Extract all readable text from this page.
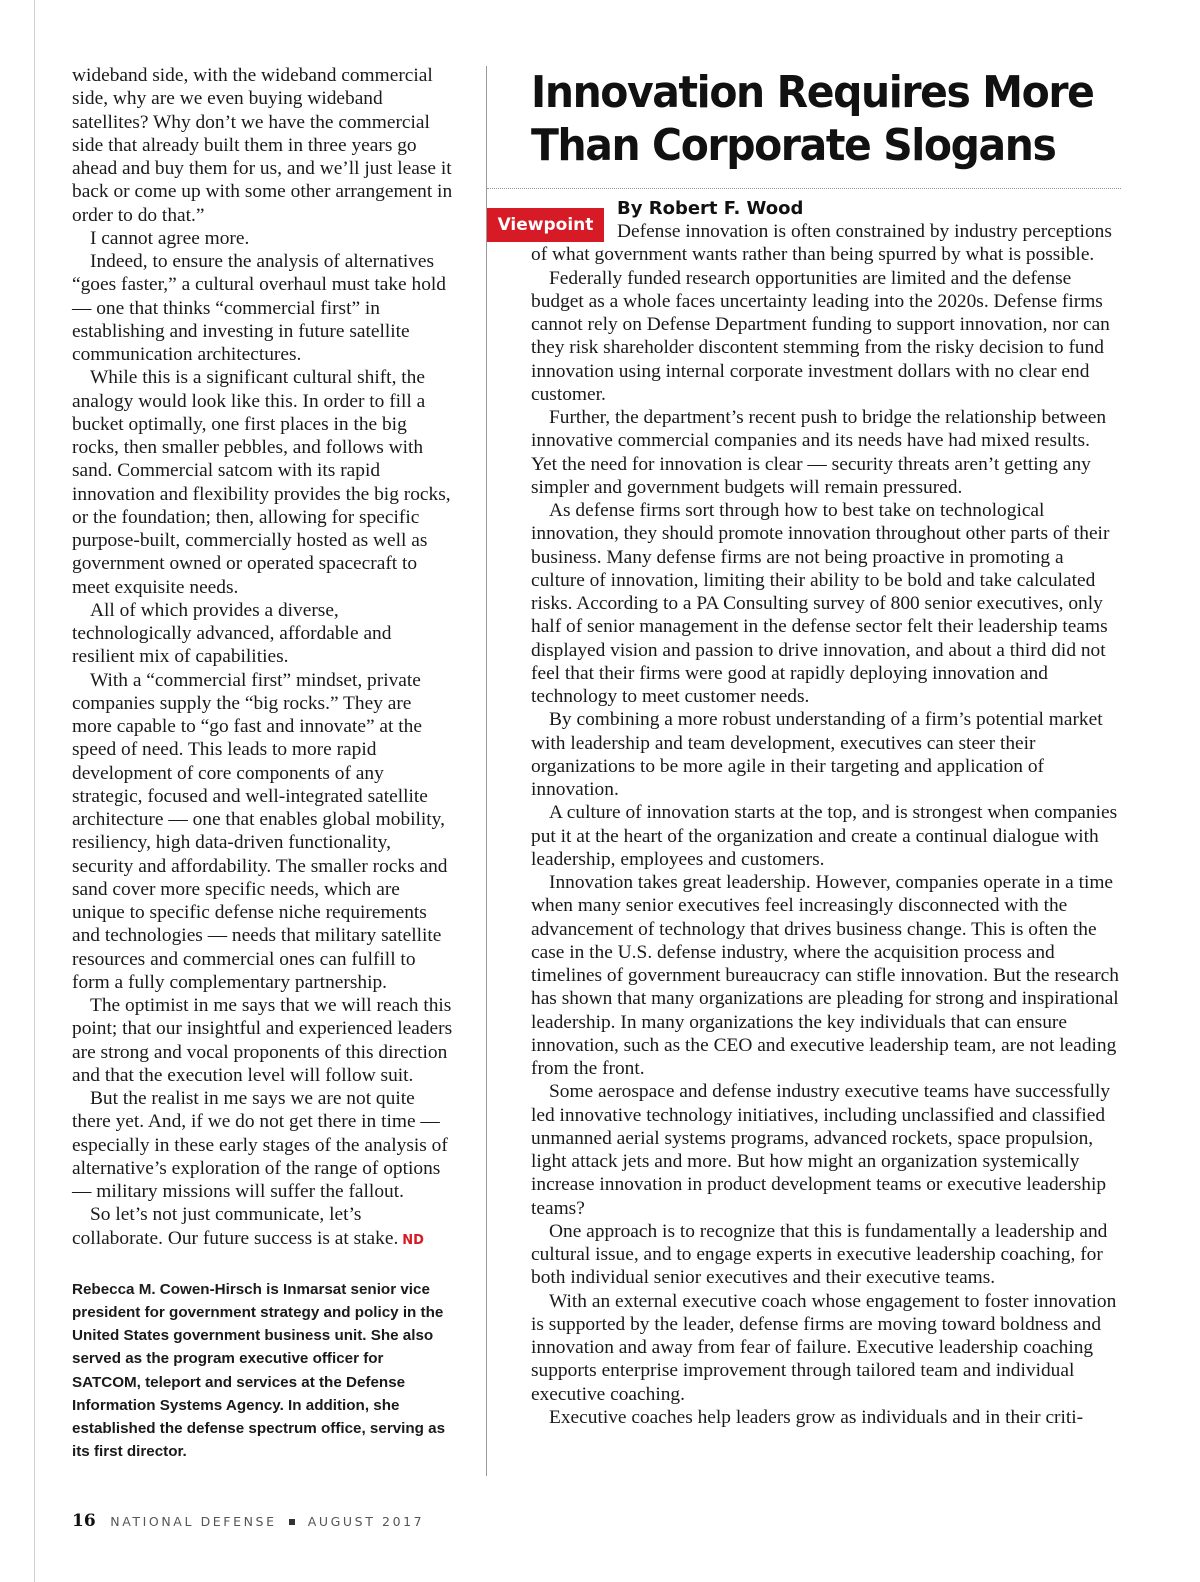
Viewpoint

wideband side, with the wideband commercial side, why are we even buying wideband satellites? Why don’t we have the commercial side that already built them in three years go ahead and buy them for us, and we’ll just lease it back or come up with some other arrangement in order to do that.”

I cannot agree more.

Indeed, to ensure the analysis of alternatives “goes faster,” a cultural overhaul must take hold — one that thinks “commercial first” in establishing and investing in future satellite communication architectures.

While this is a significant cultural shift, the analogy would look like this. In order to fill a bucket optimally, one first places in the big rocks, then smaller pebbles, and follows with sand. Commercial satcom with its rapid innovation and flexibility provides the big rocks, or the foundation; then, allowing for specific purpose-built, commercially hosted as well as government owned or operated spacecraft to meet exquisite needs.

All of which provides a diverse, technologically advanced, affordable and resilient mix of capabilities.

With a “commercial first” mindset, private companies supply the “big rocks.” They are more capable to “go fast and innovate” at the speed of need. This leads to more rapid development of core components of any strategic, focused and well-integrated satellite architecture — one that enables global mobility, resiliency, high data-driven functionality, security and affordability. The smaller rocks and sand cover more specific needs, which are unique to specific defense niche requirements and technologies — needs that military satellite resources and commercial ones can fulfill to form a fully complementary partnership.

The optimist in me says that we will reach this point; that our insightful and experienced leaders are strong and vocal proponents of this direction and that the execution level will follow suit.

But the realist in me says we are not quite there yet. And, if we do not get there in time — especially in these early stages of the analysis of alternative’s exploration of the range of options — military missions will suffer the fallout.

So let’s not just communicate, let’s collaborate. Our future success is at stake. ND

Rebecca M. Cowen-Hirsch is Inmarsat senior vice president for government strategy and policy in the United States government business unit. She also served as the program executive officer for SATCOM, teleport and services at the Defense Information Systems Agency. In addition, she established the defense spectrum office, serving as its first director.
Innovation Requires More
Than Corporate Slogans
By Robert F. Wood

Defense innovation is often constrained by industry perceptions of what government wants rather than being spurred by what is possible.

Federally funded research opportunities are limited and the defense budget as a whole faces uncertainty leading into the 2020s. Defense firms cannot rely on Defense Department funding to support innovation, nor can they risk shareholder discontent stemming from the risky decision to fund innovation using internal corporate investment dollars with no clear end customer.

Further, the department’s recent push to bridge the relationship between innovative commercial companies and its needs have had mixed results. Yet the need for innovation is clear — security threats aren’t getting any simpler and government budgets will remain pressured.

As defense firms sort through how to best take on technological innovation, they should promote innovation throughout other parts of their business. Many defense firms are not being proactive in promoting a culture of innovation, limiting their ability to be bold and take calculated risks. According to a PA Consulting survey of 800 senior executives, only half of senior management in the defense sector felt their leadership teams displayed vision and passion to drive innovation, and about a third did not feel that their firms were good at rapidly deploying innovation and technology to meet customer needs.

By combining a more robust understanding of a firm’s potential market with leadership and team development, executives can steer their organizations to be more agile in their targeting and application of innovation.

A culture of innovation starts at the top, and is strongest when companies put it at the heart of the organization and create a continual dialogue with leadership, employees and customers.

Innovation takes great leadership. However, companies operate in a time when many senior executives feel increasingly disconnected with the advancement of technology that drives business change. This is often the case in the U.S. defense industry, where the acquisition process and timelines of government bureaucracy can stifle innovation. But the research has shown that many organizations are pleading for strong and inspirational leadership. In many organizations the key individuals that can ensure innovation, such as the CEO and executive leadership team, are not leading from the front.

Some aerospace and defense industry executive teams have successfully led innovative technology initiatives, including unclassified and classified unmanned aerial systems programs, advanced rockets, space propulsion, light attack jets and more. But how might an organization systemically increase innovation in product development teams or executive leadership teams?

One approach is to recognize that this is fundamentally a leadership and cultural issue, and to engage experts in executive leadership coaching, for both individual senior executives and their executive teams.

With an external executive coach whose engagement to foster innovation is supported by the leader, defense firms are moving toward boldness and innovation and away from fear of failure. Executive leadership coaching supports enterprise improvement through tailored team and individual executive coaching.

Executive coaches help leaders grow as individuals and in their criti-

16 NATIONAL DEFENSE AUGUST 2017
